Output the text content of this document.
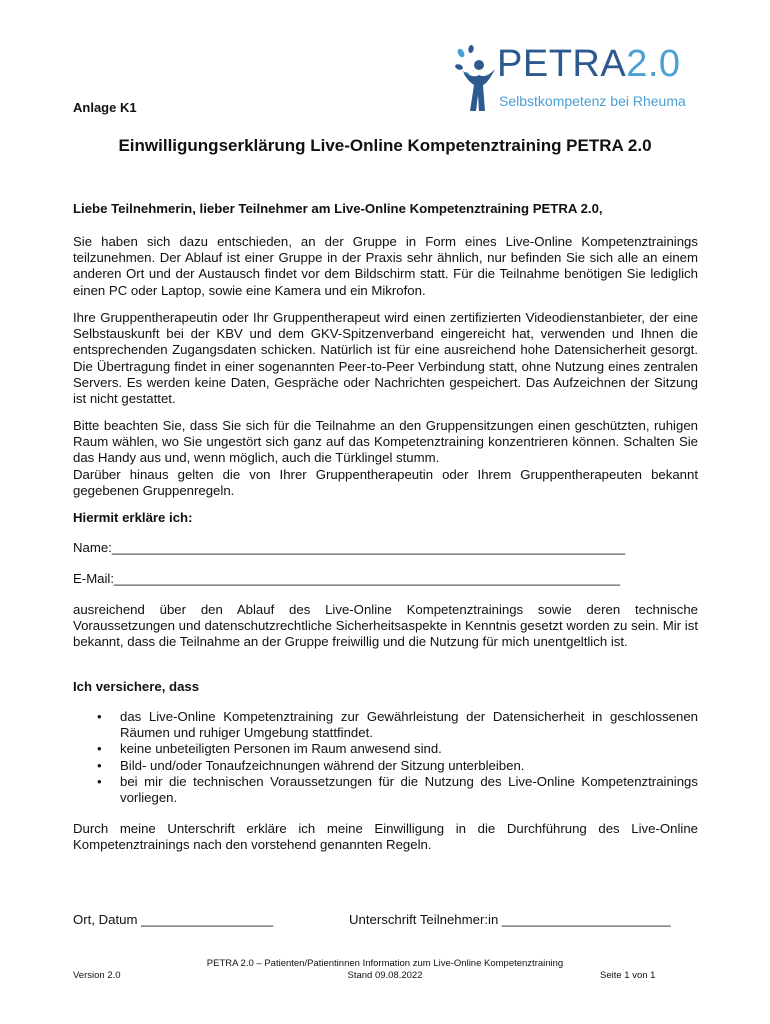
PETRA2.0
Selbstkompetenz bei Rheuma
Anlage K1
Einwilligungserklärung Live-Online Kompetenztraining PETRA 2.0
Liebe Teilnehmerin, lieber Teilnehmer am Live-Online Kompetenztraining PETRA 2.0,

Sie haben sich dazu entschieden, an der Gruppe in Form eines Live-Online Kompetenztrainings teilzunehmen. Der Ablauf ist einer Gruppe in der Praxis sehr ähnlich, nur befinden Sie sich alle an einem anderen Ort und der Austausch findet vor dem Bildschirm statt. Für die Teilnahme benötigen Sie lediglich einen PC oder Laptop, sowie eine Kamera und ein Mikrofon.

Ihre Gruppentherapeutin oder Ihr Gruppentherapeut wird einen zertifizierten Videodienstanbieter, der eine Selbstauskunft bei der KBV und dem GKV-Spitzenverband eingereicht hat, verwenden und Ihnen die entsprechenden Zugangsdaten schicken. Natürlich ist für eine ausreichend hohe Datensicherheit gesorgt. Die Übertragung findet in einer sogenannten Peer-to-Peer Verbindung statt, ohne Nutzung eines zentralen Servers. Es werden keine Daten, Gespräche oder Nachrichten gespeichert. Das Aufzeichnen der Sitzung ist nicht gestattet.

Bitte beachten Sie, dass Sie sich für die Teilnahme an den Gruppensitzungen einen geschützten, ruhigen Raum wählen, wo Sie ungestört sich ganz auf das Kompetenztraining konzentrieren können. Schalten Sie das Handy aus und, wenn möglich, auch die Türklingel stumm.

Darüber hinaus gelten die von Ihrer Gruppentherapeutin oder Ihrem Gruppentherapeuten bekannt gegebenen Gruppenregeln.

Hiermit erkläre ich:
Name:______________________________________________________________________
E-Mail:_____________________________________________________________________
ausreichend über den Ablauf des Live-Online Kompetenztrainings sowie deren technische Voraussetzungen und datenschutzrechtliche Sicherheitsaspekte in Kenntnis gesetzt worden zu sein. Mir ist bekannt, dass die Teilnahme an der Gruppe freiwillig und die Nutzung für mich unentgeltlich ist.
Ich versichere, dass
• das Live-Online Kompetenztraining zur Gewährleistung der Datensicherheit in geschlossenen Räumen und ruhiger Umgebung stattfindet.
• keine unbeteiligten Personen im Raum anwesend sind.
• Bild- und/oder Tonaufzeichnungen während der Sitzung unterbleiben.
• bei mir die technischen Voraussetzungen für die Nutzung des Live-Online Kompetenztrainings vorliegen.
Durch meine Unterschrift erkläre ich meine Einwilligung in die Durchführung des Live-Online Kompetenztrainings nach den vorstehend genannten Regeln.
Ort, Datum __________________	Unterschrift Teilnehmer:in _______________________
PETRA 2.0 – Patienten/Patientinnen Information zum Live-Online Kompetenztraining
Stand 09.08.2022
Version 2.0	Seite 1 von 1
